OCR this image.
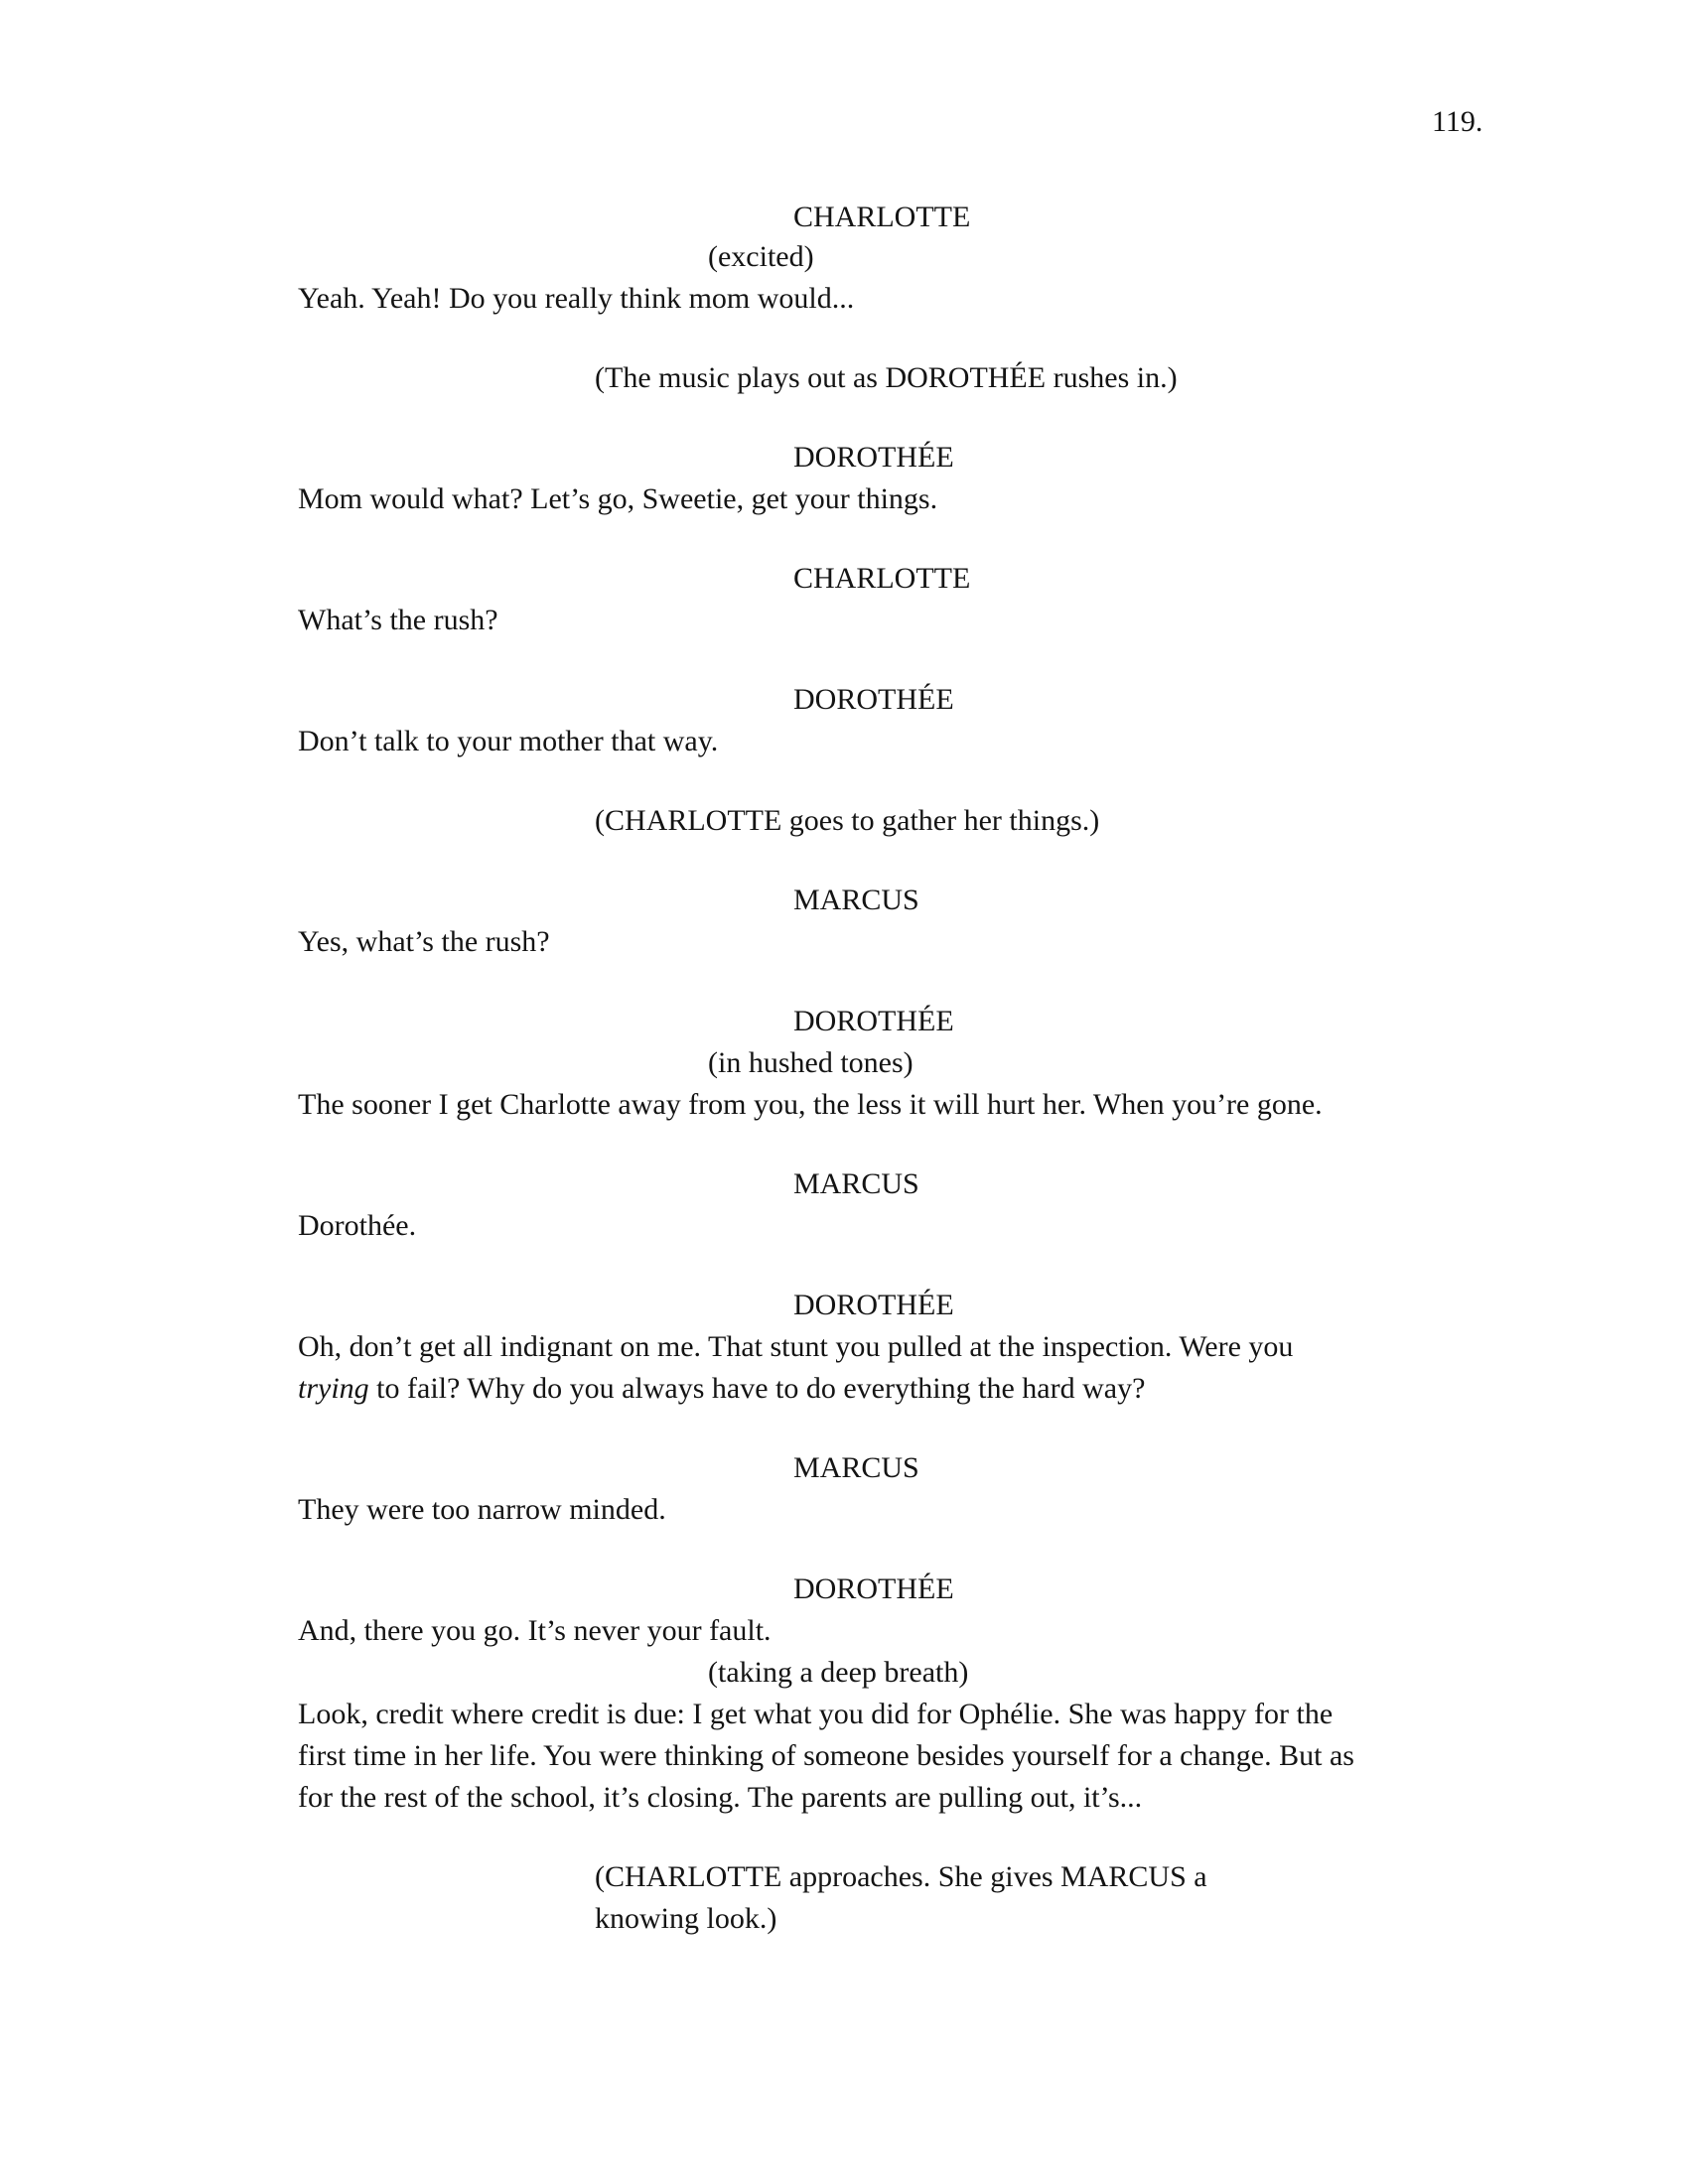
119.
CHARLOTTE
(excited)
Yeah. Yeah! Do you really think mom would...
(The music plays out as DOROTHÉE rushes in.)
DOROTHÉE
Mom would what? Let’s go, Sweetie, get your things.
CHARLOTTE
What’s the rush?
DOROTHÉE
Don’t talk to your mother that way.
(CHARLOTTE goes to gather her things.)
MARCUS
Yes, what’s the rush?
DOROTHÉE
(in hushed tones)
The sooner I get Charlotte away from you, the less it will hurt her. When you’re gone.
MARCUS
Dorothée.
DOROTHÉE
Oh, don’t get all indignant on me. That stunt you pulled at the inspection. Were you
trying to fail? Why do you always have to do everything the hard way?
MARCUS
They were too narrow minded.
DOROTHÉE
And, there you go. It’s never your fault.
(taking a deep breath)
Look, credit where credit is due: I get what you did for Ophélie. She was happy for the
first time in her life. You were thinking of someone besides yourself for a change. But as
for the rest of the school, it’s closing. The parents are pulling out, it’s...
(CHARLOTTE approaches. She gives MARCUS a
knowing look.)
